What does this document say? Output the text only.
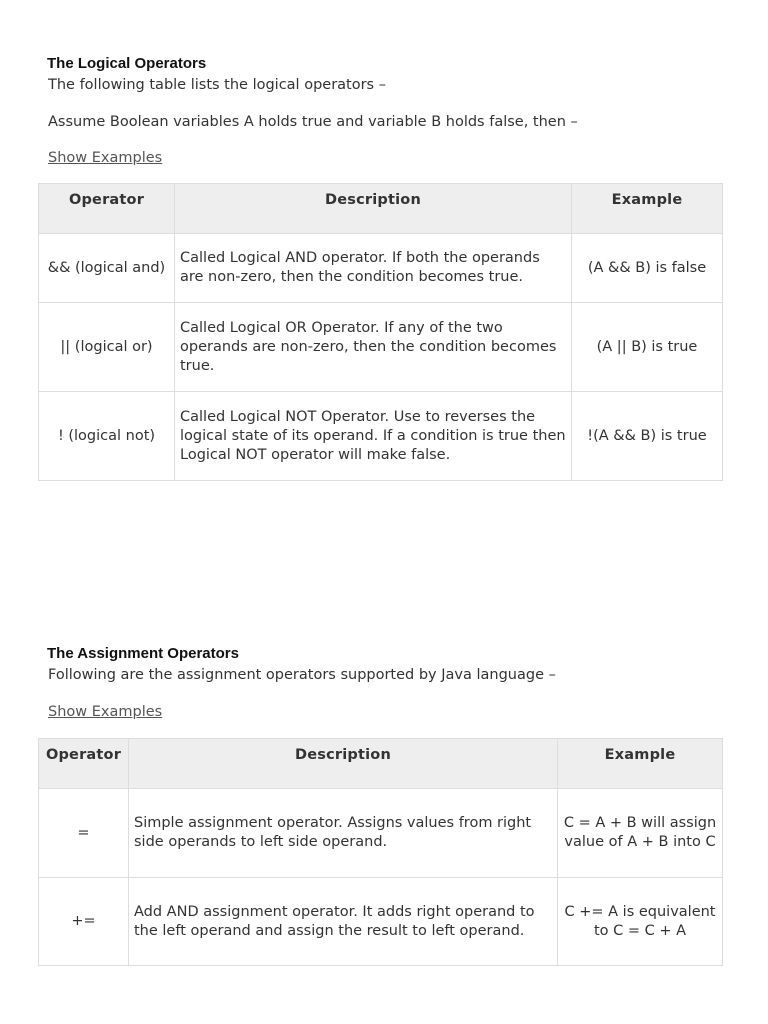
The Logical Operators
The following table lists the logical operators –
Assume Boolean variables A holds true and variable B holds false, then –
Show Examples
Operator	Description	Example
&& (logical and)	Called Logical AND operator. If both the operands are non-zero, then the condition becomes true.	(A && B) is false
|| (logical or)	Called Logical OR Operator. If any of the two operands are non-zero, then the condition becomes true.	(A || B) is true
! (logical not)	Called Logical NOT Operator. Use to reverses the logical state of its operand. If a condition is true then Logical NOT operator will make false.	!(A && B) is true
The Assignment Operators
Following are the assignment operators supported by Java language –
Show Examples
Operator	Description	Example
=	Simple assignment operator. Assigns values from right side operands to left side operand.	C = A + B will assign value of A + B into C
+=	Add AND assignment operator. It adds right operand to the left operand and assign the result to left operand.	C += A is equivalent to C = C + A
